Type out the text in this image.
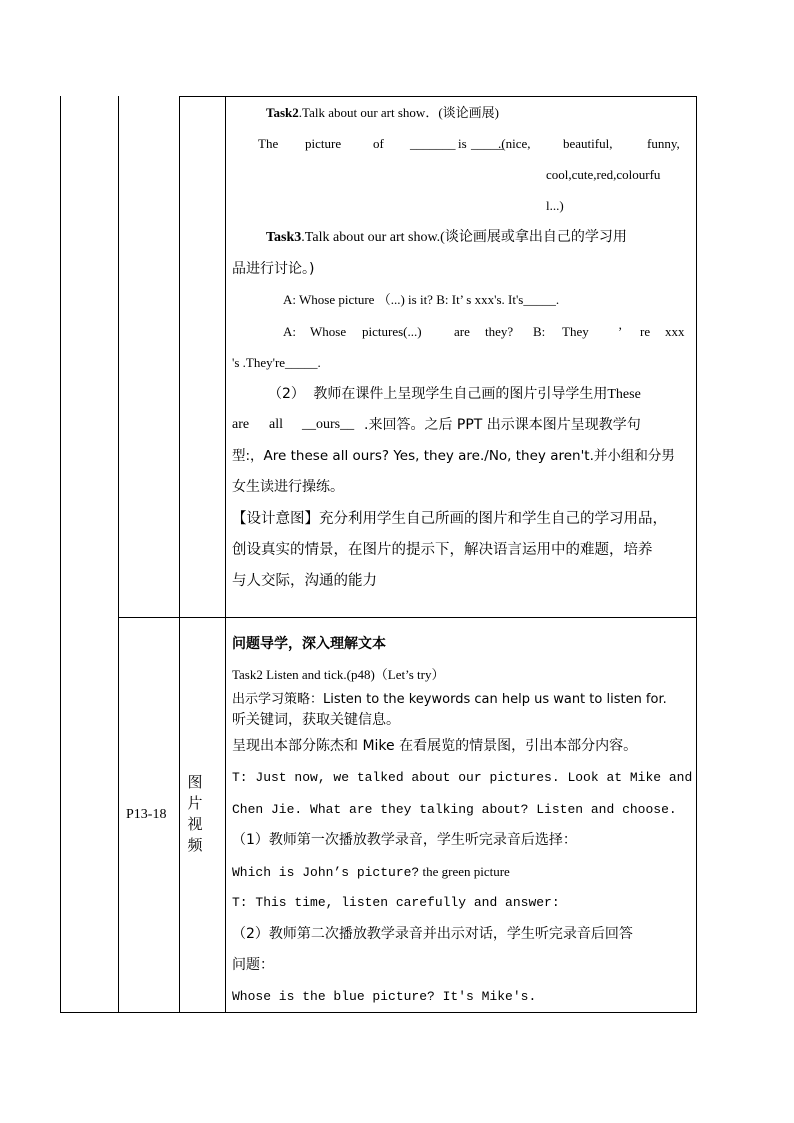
Task2.Talk about our art show．(谈论画展)
The picture of _______ is _____
.(nice,	beautiful,	funny,
cool,cute,red,colourfu
l...)
Task3.Talk about our art show.(谈论画展或拿出自己的学习用
品进行讨论。)
A: Whose picture （...) is it? B: It’ s xxx's. It's_____.
A: Whose pictures(...) are they? B: They ’ re xxx
's .They're_____.
（2） 教师在课件上呈现学生自己画的图片引导学生用These
are all __ours__ .来回答。之后 PPT 出示课本图片呈现教学句
型:，Are these all ours? Yes, they are./No, they aren't.并小组和分男
女生读进行操练。
【设计意图】充分利用学生自己所画的图片和学生自己的学习用品，
创设真实的情景，在图片的提示下，解决语言运用中的难题，培养
与人交际，沟通的能力
P13-18
图
片
视
频
问题导学，深入理解文本
Task2 Listen and tick.(p48)（Let’s try）
出示学习策略：Listen to the keywords can help us want to listen for.
听关键词，获取关键信息。
呈现出本部分陈杰和 Mike 在看展览的情景图，引出本部分内容。
T: Just now, we talked about our pictures. Look at Mike and
Chen Jie. What are they talking about? Listen and choose.
（1）教师第一次播放教学录音，学生听完录音后选择：
Which is John’s picture? the green picture
T: This time, listen carefully and answer:
（2）教师第二次播放教学录音并出示对话，学生听完录音后回答
问题：
Whose is the blue picture? It's Mike's.
